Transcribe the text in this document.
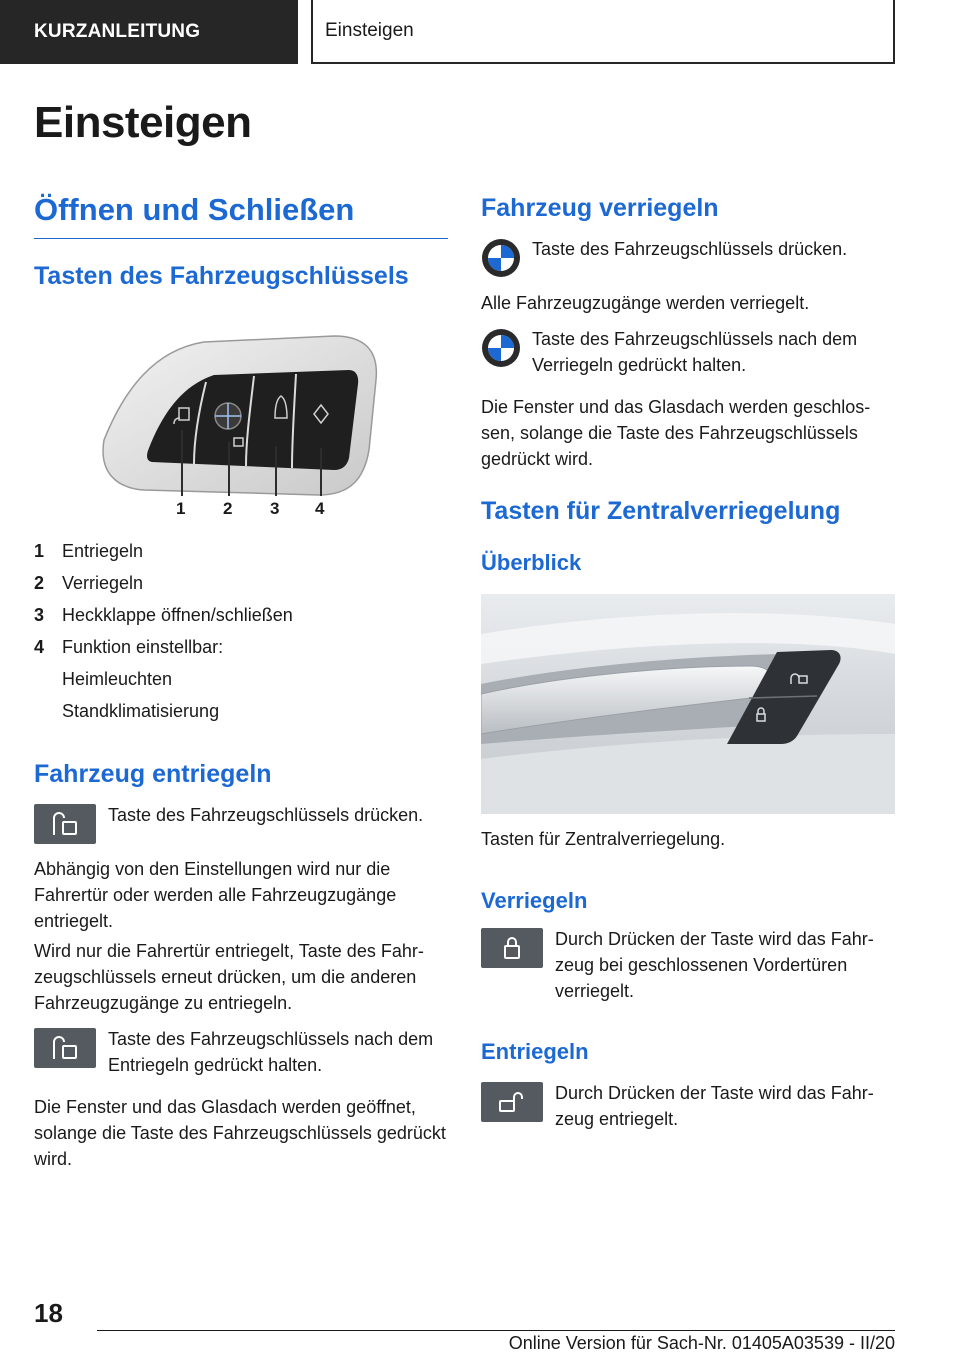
KURZANLEITUNG	Einsteigen
Einsteigen
Öffnen und Schließen
Tasten des Fahrzeugschlüssels
1 2 3 4
1 Entriegeln
2 Verriegeln
3 Heckklappe öffnen/schließen
4 Funktion einstellbar:
Heimleuchten
Standklimatisierung
Fahrzeug entriegeln

Taste des Fahrzeugschlüssels drücken.

Abhängig von den Einstellungen wird nur die Fahrertür oder werden alle Fahrzeugzugänge entriegelt.

Wird nur die Fahrertür entriegelt, Taste des Fahrzeugschlüssels erneut drücken, um die anderen Fahrzeugzugänge zu entriegeln.

Taste des Fahrzeugschlüssels nach dem Entriegeln gedrückt halten.

Die Fenster und das Glasdach werden geöffnet, solange die Taste des Fahrzeugschlüssels gedrückt wird.

Fahrzeug verriegeln

Taste des Fahrzeugschlüssels drücken.

Alle Fahrzeugzugänge werden verriegelt.

Taste des Fahrzeugschlüssels nach dem Verriegeln gedrückt halten.

Die Fenster und das Glasdach werden geschlossen, solange die Taste des Fahrzeugschlüssels gedrückt wird.

Tasten für Zentralverriegelung
Überblick

Tasten für Zentralverriegelung.

Verriegeln

Durch Drücken der Taste wird das Fahrzeug bei geschlossenen Vordertüren verriegelt.

Entriegeln

Durch Drücken der Taste wird das Fahrzeug entriegelt.

18
Online Version für Sach-Nr. 01405A03539 - II/20
